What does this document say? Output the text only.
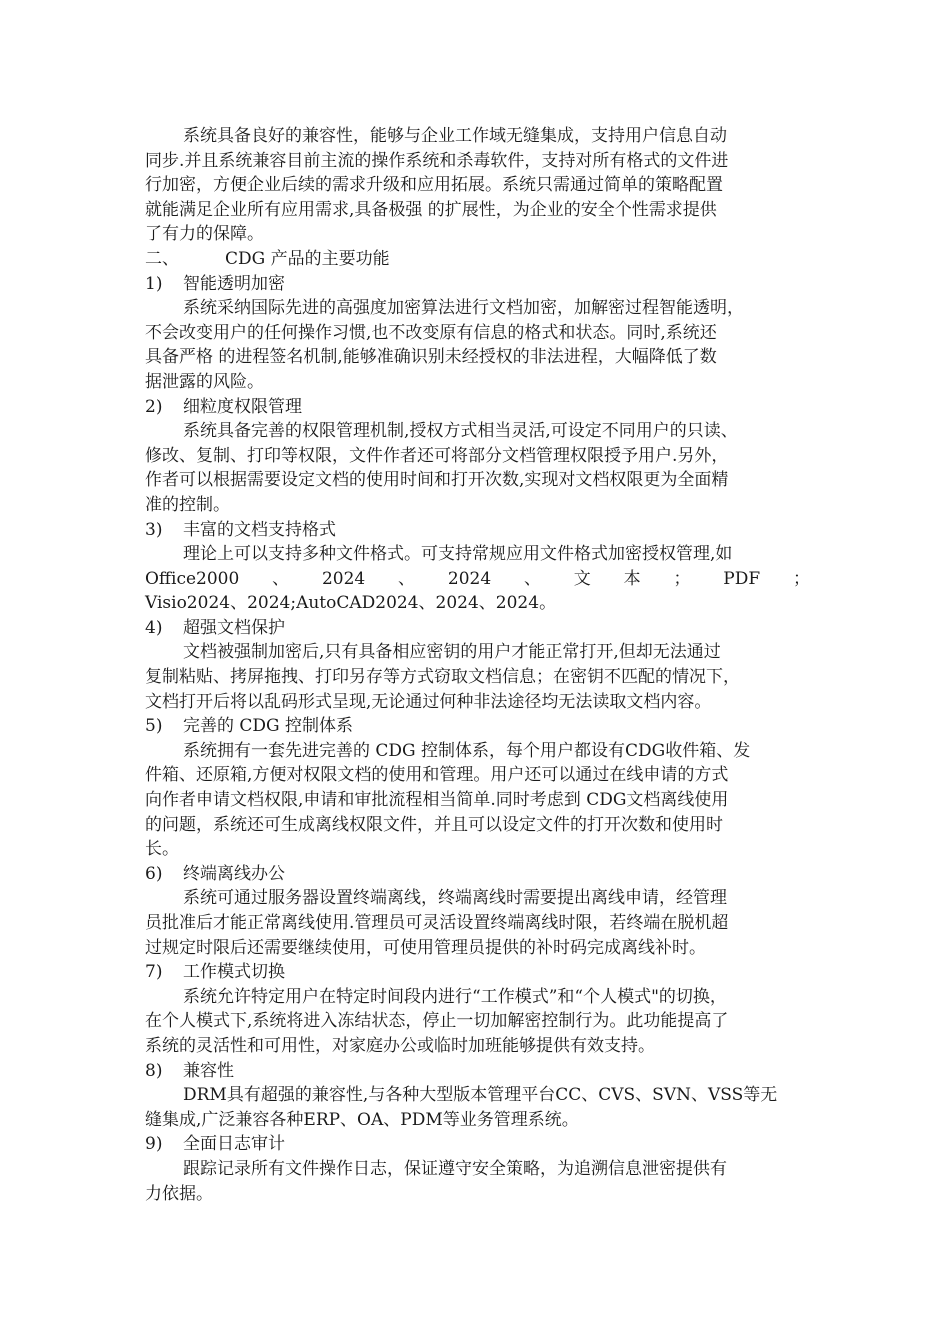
系统具备良好的兼容性，能够与企业工作域无缝集成，支持用户信息自动
同步.并且系统兼容目前主流的操作系统和杀毒软件，支持对所有格式的文件进
行加密，方便企业后续的需求升级和应用拓展。系统只需通过简单的策略配置
就能满足企业所有应用需求,具备极强 的扩展性，为企业的安全个性需求提供
了有力的保障。
二、	CDG 产品的主要功能
1) 智能透明加密
系统采纳国际先进的高强度加密算法进行文档加密，加解密过程智能透明，
不会改变用户的任何操作习惯,也不改变原有信息的格式和状态。同时,系统还
具备严格 的进程签名机制,能够准确识别未经授权的非法进程，大幅降低了数
据泄露的风险。
2) 细粒度权限管理
系统具备完善的权限管理机制,授权方式相当灵活,可设定不同用户的只读、
修改、复制、打印等权限，文件作者还可将部分文档管理权限授予用户.另外，
作者可以根据需要设定文档的使用时间和打开次数,实现对文档权限更为全面精
准的控制。
3) 丰富的文档支持格式
理论上可以支持多种文件格式。可支持常规应用文件格式加密授权管理,如
Office2000 、 2024 、 2024 、 文 本 ； PDF ；
Visio2024、2024;AutoCAD2024、2024、2024。
4) 超强文档保护
文档被强制加密后,只有具备相应密钥的用户才能正常打开,但却无法通过
复制粘贴、拷屏拖拽、打印另存等方式窃取文档信息；在密钥不匹配的情况下，
文档打开后将以乱码形式呈现,无论通过何种非法途径均无法读取文档内容。
5) 完善的 CDG 控制体系
系统拥有一套先进完善的 CDG 控制体系，每个用户都设有CDG收件箱、发
件箱、还原箱,方便对权限文档的使用和管理。用户还可以通过在线申请的方式
向作者申请文档权限,申请和审批流程相当简单.同时考虑到 CDG文档离线使用
的问题，系统还可生成离线权限文件，并且可以设定文件的打开次数和使用时
长。
6) 终端离线办公
系统可通过服务器设置终端离线，终端离线时需要提出离线申请，经管理
员批准后才能正常离线使用.管理员可灵活设置终端离线时限，若终端在脱机超
过规定时限后还需要继续使用，可使用管理员提供的补时码完成离线补时。
7) 工作模式切换
系统允许特定用户在特定时间段内进行“工作模式”和“个人模式"的切换，
在个人模式下,系统将进入冻结状态，停止一切加解密控制行为。此功能提高了
系统的灵活性和可用性，对家庭办公或临时加班能够提供有效支持。
8) 兼容性
DRM具有超强的兼容性,与各种大型版本管理平台CC、CVS、SVN、VSS等无
缝集成,广泛兼容各种ERP、OA、PDM等业务管理系统。
9) 全面日志审计
跟踪记录所有文件操作日志，保证遵守安全策略，为追溯信息泄密提供有
力依据。
